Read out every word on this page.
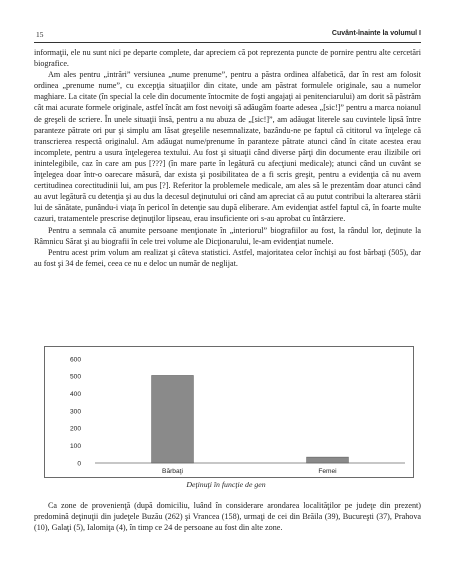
15	Cuvânt-înainte la volumul I

informaţii, ele nu sunt nici pe departe complete, dar apreciem că pot reprezenta puncte de pornire pentru alte cercetări biografice.

Am ales pentru „intrări” versiunea „nume prenume”, pentru a păstra ordinea alfabetică, dar în rest am folosit ordinea „prenume nume”, cu excepţia situaţiilor din citate, unde am păstrat formulele originale, sau a numelor maghiare. La citate (în special la cele din documente întocmite de foşti angajaţi ai penitenciarului) am dorit să păstrăm cât mai acurate formele originale, astfel încât am fost nevoiţi să adăugăm foarte adesea „[sic!]” pentru a marca noianul de greşeli de scriere. În unele situaţii însă, pentru a nu abuza de „[sic!]”, am adăugat literele sau cuvintele lipsă între paranteze pătrate ori pur şi simplu am lăsat greşelile nesemnalizate, bazându-ne pe faptul că cititorul va înţelege că transcrierea respectă originalul. Am adăugat nume/prenume în paranteze pătrate atunci când în citate acestea erau incomplete, pentru a usura înţelegerea textului. Au fost şi situaţii când diverse părţi din documente erau ilizibile ori inintelegibile, caz în care am pus [???] (în mare parte în legătură cu afecţiuni medicale); atunci când un cuvânt se înţelegea doar într-o oarecare măsură, dar exista şi posibilitatea de a fi scris greşit, pentru a evidenţia că nu avem certitudinea corectitudinii lui, am pus [?]. Referitor la problemele medicale, am ales să le prezentăm doar atunci când au avut legătură cu detenţia şi au dus la decesul deţinutului ori când am apreciat că au putut contribui la alterarea stării lui de sănătate, punându-i viaţa în pericol în detenţie sau după eliberare. Am evidenţiat astfel faptul că, în foarte multe cazuri, tratamentele prescrise deţinuţilor lipseau, erau insuficiente ori s-au aprobat cu întârziere.

Pentru a semnala că anumite persoane menţionate în „interiorul” biografiilor au fost, la rândul lor, deţinute la Râmnicu Sărat şi au biografii în cele trei volume ale Dicţionarului, le-am evidenţiat numele.

Pentru acest prim volum am realizat şi câteva statistici. Astfel, majoritatea celor închişi au fost bărbaţi (505), dar au fost şi 34 de femei, ceea ce nu e deloc un număr de neglijat.

0
100
200
300
400
500
600
Bărbaţi	Femei
Deţinuţi în funcţie de gen

Ca zone de provenienţă (după domiciliu, luând în considerare arondarea localităţilor pe judeţe din prezent) predomină deţinuţii din judeţele Buzău (262) şi Vrancea (158), urmaţi de cei din Brăila (39), Bucureşti (37), Prahova (10), Galaţi (5), Ialomiţa (4), în timp ce 24 de persoane au fost din alte zone.
